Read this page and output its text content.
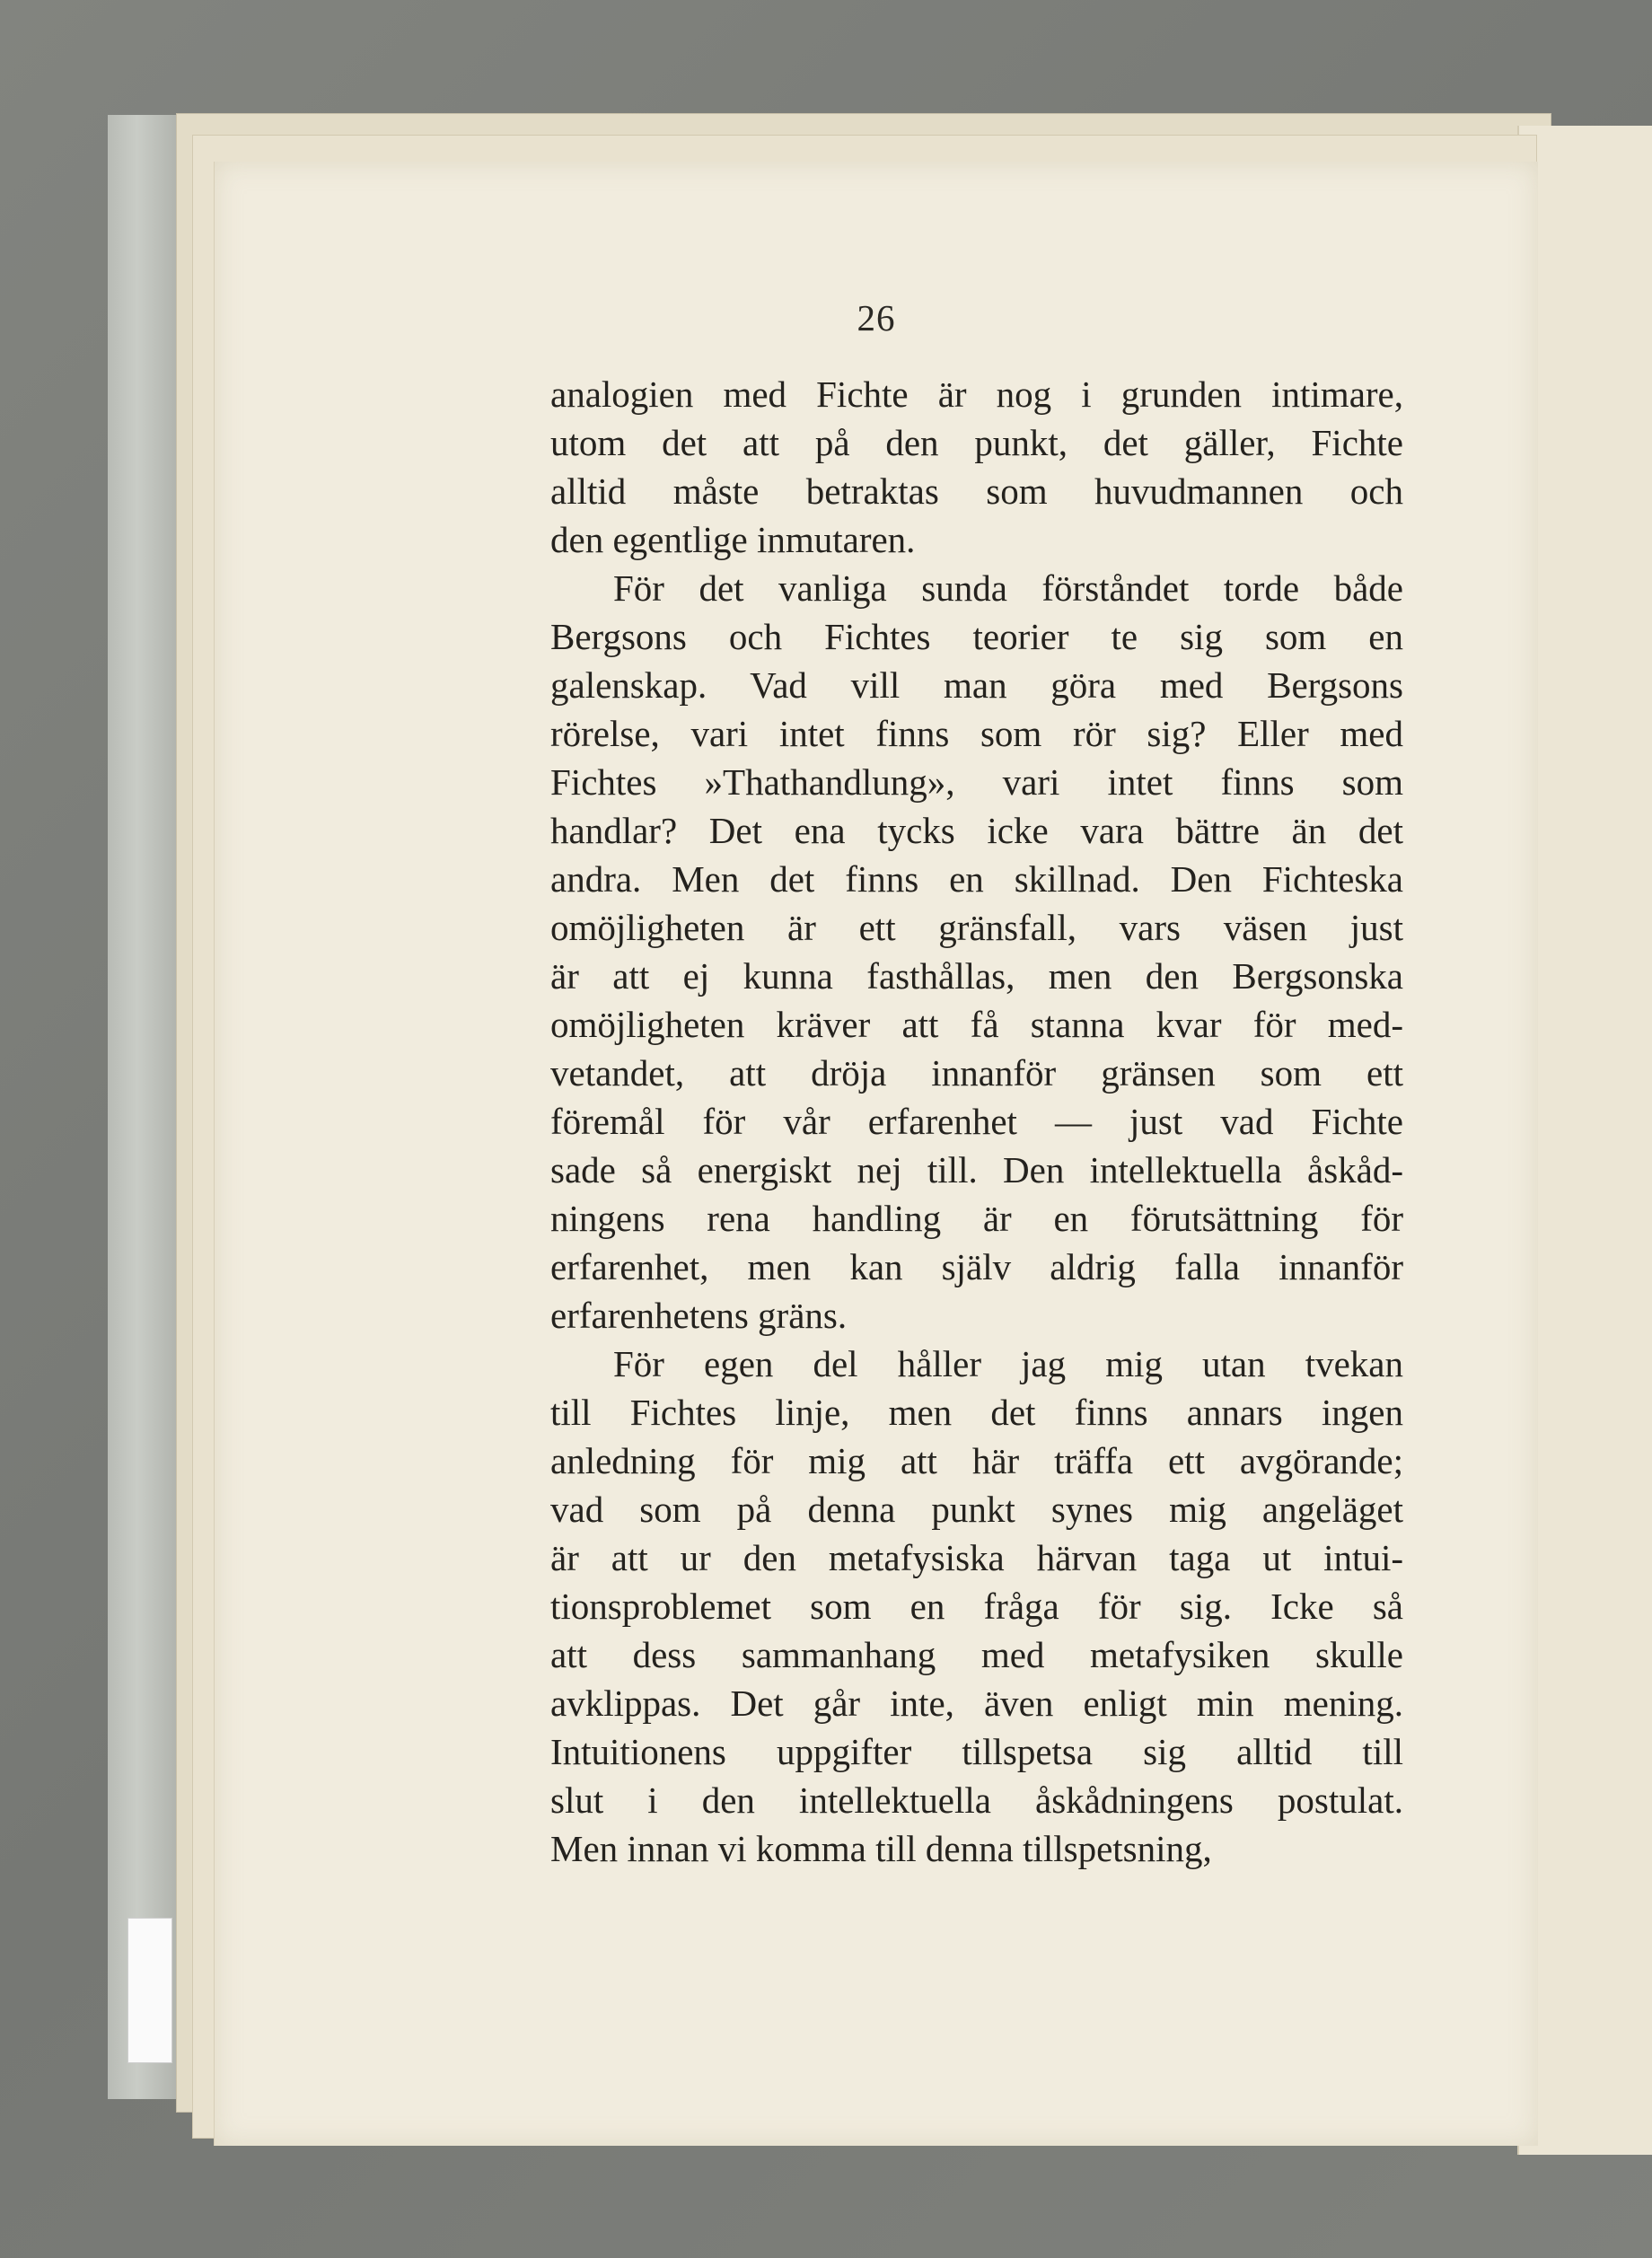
26
analogien med Fichte är nog i grunden intimare,
utom det att på den punkt, det gäller, Fichte
alltid måste betraktas som huvudmannen och
den egentlige inmutaren.
För det vanliga sunda förståndet torde både
Bergsons och Fichtes teorier te sig som en
galenskap. Vad vill man göra med Bergsons
rörelse, vari intet finns som rör sig? Eller med
Fichtes »Thathandlung», vari intet finns som
handlar? Det ena tycks icke vara bättre än det
andra. Men det finns en skillnad. Den Fichteska
omöjligheten är ett gränsfall, vars väsen just
är att ej kunna fasthållas, men den Bergsonska
omöjligheten kräver att få stanna kvar för med-
vetandet, att dröja innanför gränsen som ett
föremål för vår erfarenhet — just vad Fichte
sade så energiskt nej till. Den intellektuella åskåd-
ningens rena handling är en förutsättning för
erfarenhet, men kan själv aldrig falla innanför
erfarenhetens gräns.
För egen del håller jag mig utan tvekan
till Fichtes linje, men det finns annars ingen
anledning för mig att här träffa ett avgörande;
vad som på denna punkt synes mig angeläget
är att ur den metafysiska härvan taga ut intui-
tionsproblemet som en fråga för sig. Icke så
att dess sammanhang med metafysiken skulle
avklippas. Det går inte, även enligt min mening.
Intuitionens uppgifter tillspetsa sig alltid till
slut i den intellektuella åskådningens postulat.
Men innan vi komma till denna tillspetsning,
